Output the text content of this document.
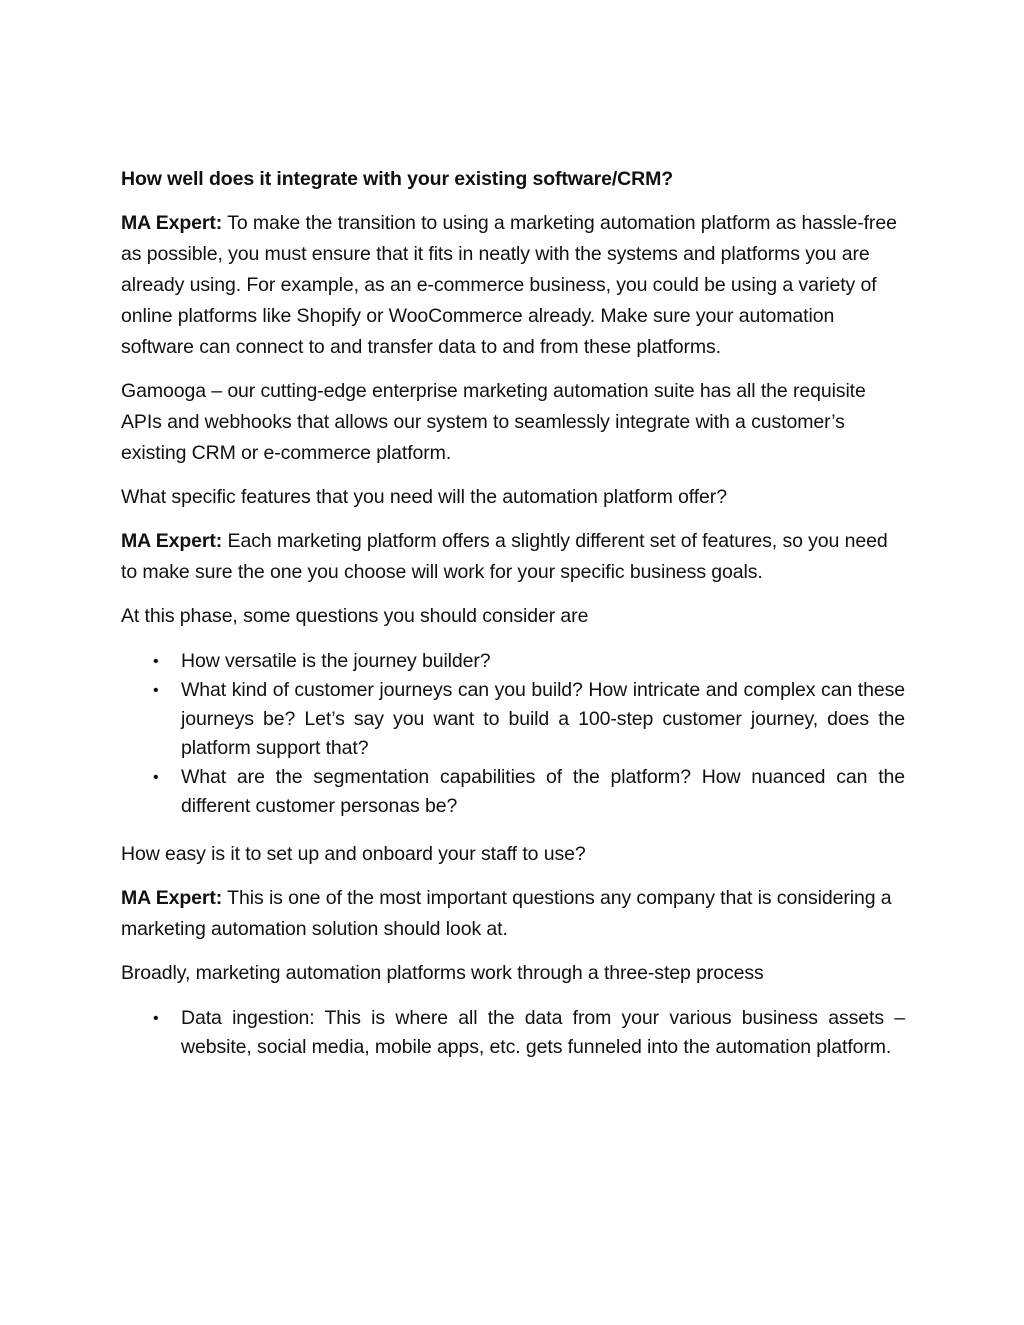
How well does it integrate with your existing software/CRM?

MA Expert: To make the transition to using a marketing automation platform as hassle-free as possible, you must ensure that it fits in neatly with the systems and platforms you are already using. For example, as an e-commerce business, you could be using a variety of online platforms like Shopify or WooCommerce already. Make sure your automation software can connect to and transfer data to and from these platforms.

Gamooga – our cutting-edge enterprise marketing automation suite has all the requisite APIs and webhooks that allows our system to seamlessly integrate with a customer’s existing CRM or e-commerce platform.

What specific features that you need will the automation platform offer?

MA Expert: Each marketing platform offers a slightly different set of features, so you need to make sure the one you choose will work for your specific business goals.

At this phase, some questions you should consider are

• How versatile is the journey builder?
• What kind of customer journeys can you build? How intricate and complex can these journeys be? Let’s say you want to build a 100-step customer journey, does the platform support that?
• What are the segmentation capabilities of the platform? How nuanced can the different customer personas be?

How easy is it to set up and onboard your staff to use?

MA Expert: This is one of the most important questions any company that is considering a marketing automation solution should look at.

Broadly, marketing automation platforms work through a three-step process

• Data ingestion: This is where all the data from your various business assets – website, social media, mobile apps, etc. gets funneled into the automation platform.
